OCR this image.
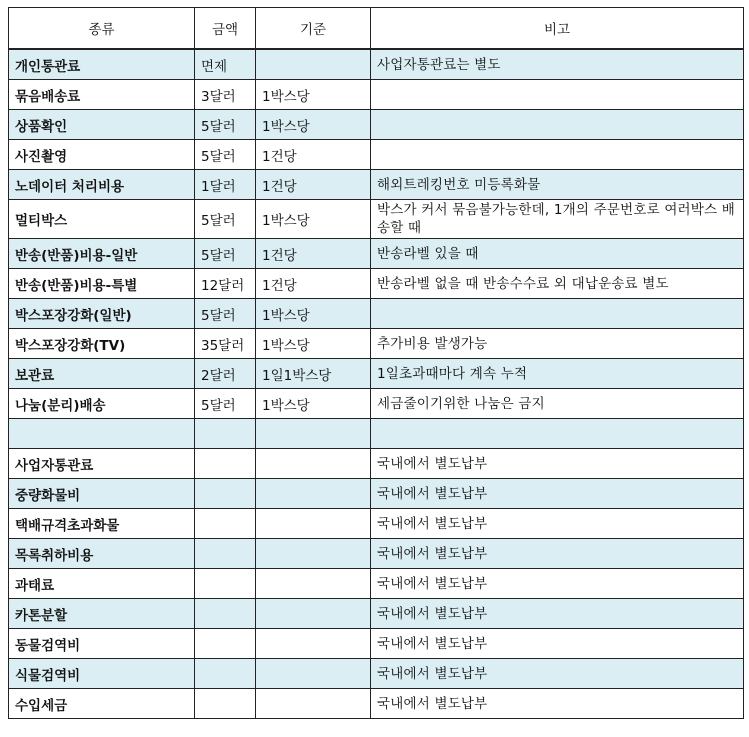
종류	금액	기준	비고
개인통관료	면제		사업자통관료는 별도
묶음배송료	3달러	1박스당	
상품확인	5달러	1박스당	
사진촬영	5달러	1건당	
노데이터 처리비용	1달러	1건당	해외트레킹번호 미등록화물
멀티박스	5달러	1박스당	박스가 커서 묶음불가능한데, 1개의 주문번호로 여러박스 배송할 때
반송(반품)비용-일반	5달러	1건당	반송라벨 있을 때
반송(반품)비용-특별	12달러	1건당	반송라벨 없을 때 반송수수료 외 대납운송료 별도
박스포장강화(일반)	5달러	1박스당	
박스포장강화(TV)	35달러	1박스당	추가비용 발생가능
보관료	2달러	1일1박스당	1일초과때마다 계속 누적
나눔(분리)배송	5달러	1박스당	세금줄이기위한 나눔은 금지

사업자통관료			국내에서 별도납부
중량화물비			국내에서 별도납부
택배규격초과화물			국내에서 별도납부
목록취하비용			국내에서 별도납부
과태료			국내에서 별도납부
카톤분할			국내에서 별도납부
동물검역비			국내에서 별도납부
식물검역비			국내에서 별도납부
수입세금			국내에서 별도납부
